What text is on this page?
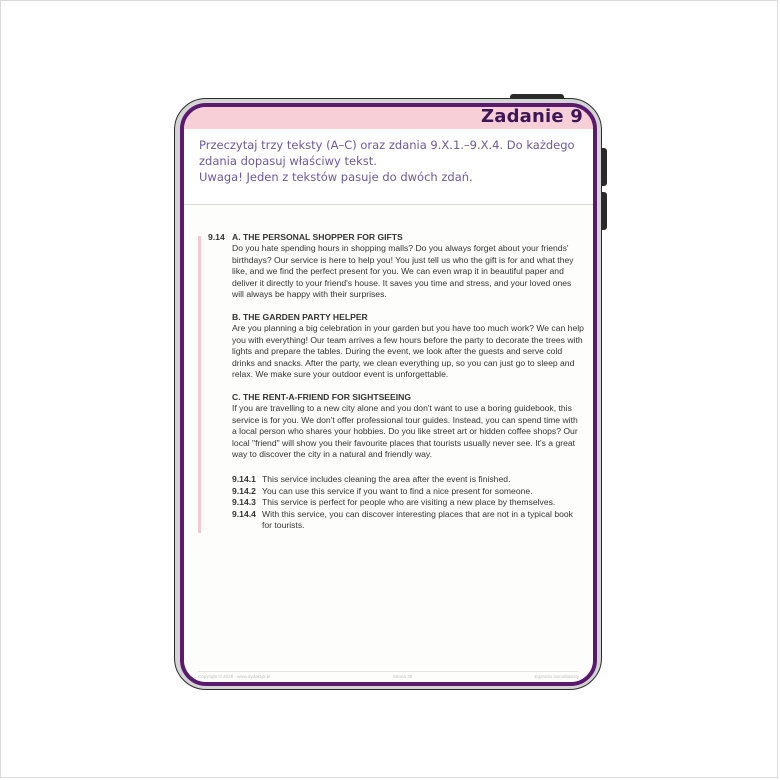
Zadanie 9

Przeczytaj trzy teksty (A–C) oraz zdania 9.X.1.–9.X.4. Do każdego zdania dopasuj właściwy tekst.

Uwaga! Jeden z tekstów pasuje do dwóch zdań.

9.14 A. THE PERSONAL SHOPPER FOR GIFTS

Do you hate spending hours in shopping malls? Do you always forget about your friends' birthdays? Our service is here to help you! You just tell us who the gift is for and what they like, and we find the perfect present for you. We can even wrap it in beautiful paper and deliver it directly to your friend's house. It saves you time and stress, and your loved ones will always be happy with their surprises.

B. THE GARDEN PARTY HELPER

Are you planning a big celebration in your garden but you have too much work? We can help you with everything! Our team arrives a few hours before the party to decorate the trees with lights and prepare the tables. During the event, we look after the guests and serve cold drinks and snacks. After the party, we clean everything up, so you can just go to sleep and relax. We make sure your outdoor event is unforgettable.

C. THE RENT-A-FRIEND FOR SIGHTSEEING

If you are travelling to a new city alone and you don't want to use a boring guidebook, this service is for you. We don't offer professional tour guides. Instead, you can spend time with a local person who shares your hobbies. Do you like street art or hidden coffee shops? Our local "friend" will show you their favourite places that tourists usually never see. It's a great way to discover the city in a natural and friendly way.

9.14.1 This service includes cleaning the area after the event is finished.
9.14.2 You can use this service if you want to find a nice present for someone.
9.14.3 This service is perfect for people who are visiting a new place by themselves.
9.14.4 With this service, you can discover interesting places that are not in a typical book for tourists.
Copyright © 2025 · www.dydaktyk.pl	Strona 38	Egzamin ósmoklasisty
